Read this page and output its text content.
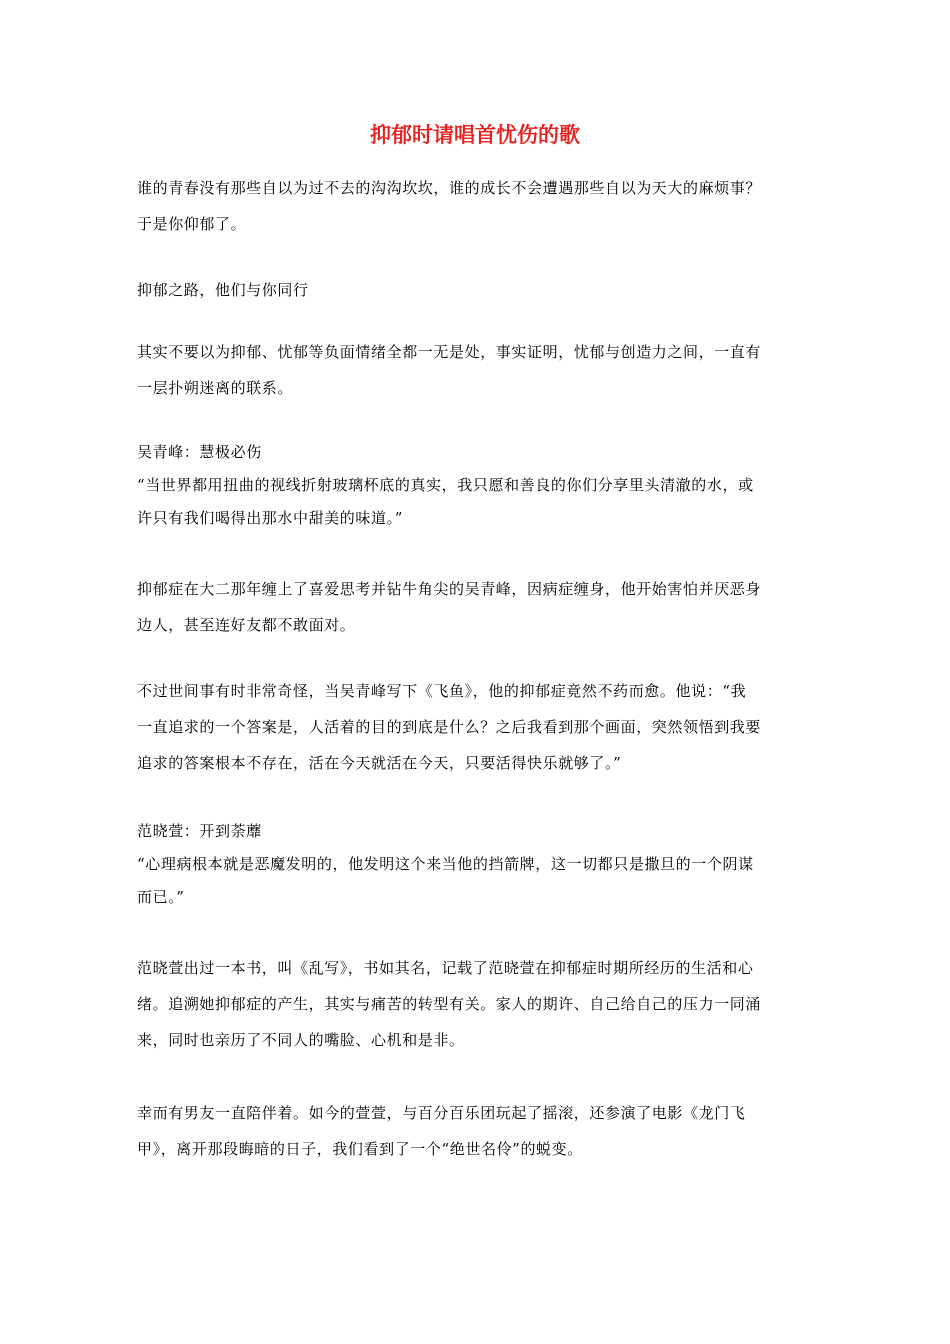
抑郁时请唱首忧伤的歌

谁的青春没有那些自以为过不去的沟沟坎坎，谁的成长不会遭遇那些自以为天大的麻烦事？
于是你仰郁了。

抑郁之路，他们与你同行

其实不要以为抑郁、忧郁等负面情绪全都一无是处，事实证明，忧郁与创造力之间，一直有
一层扑朔迷离的联系。

吴青峰：慧极必伤
“当世界都用扭曲的视线折射玻璃杯底的真实，我只愿和善良的你们分享里头清澈的水，或
许只有我们喝得出那水中甜美的味道。”

抑郁症在大二那年缠上了喜爱思考并钻牛角尖的吴青峰，因病症缠身，他开始害怕并厌恶身
边人，甚至连好友都不敢面对。

不过世间事有时非常奇怪，当吴青峰写下《飞鱼》，他的抑郁症竟然不药而愈。他说：“我
一直追求的一个答案是，人活着的目的到底是什么？之后我看到那个画面，突然领悟到我要
追求的答案根本不存在，活在今天就活在今天，只要活得快乐就够了。”

范晓萱：开到荼蘼
“心理病根本就是恶魔发明的，他发明这个来当他的挡箭牌，这一切都只是撒旦的一个阴谋
而已。”

范晓萱出过一本书，叫《乱写》，书如其名，记载了范晓萱在抑郁症时期所经历的生活和心
绪。追溯她抑郁症的产生，其实与痛苦的转型有关。家人的期许、自己给自己的压力一同涌
来，同时也亲历了不同人的嘴脸、心机和是非。

幸而有男友一直陪伴着。如今的萱萱，与百分百乐团玩起了摇滚，还参演了电影《龙门飞
甲》，离开那段晦暗的日子，我们看到了一个“绝世名伶”的蜕变。
